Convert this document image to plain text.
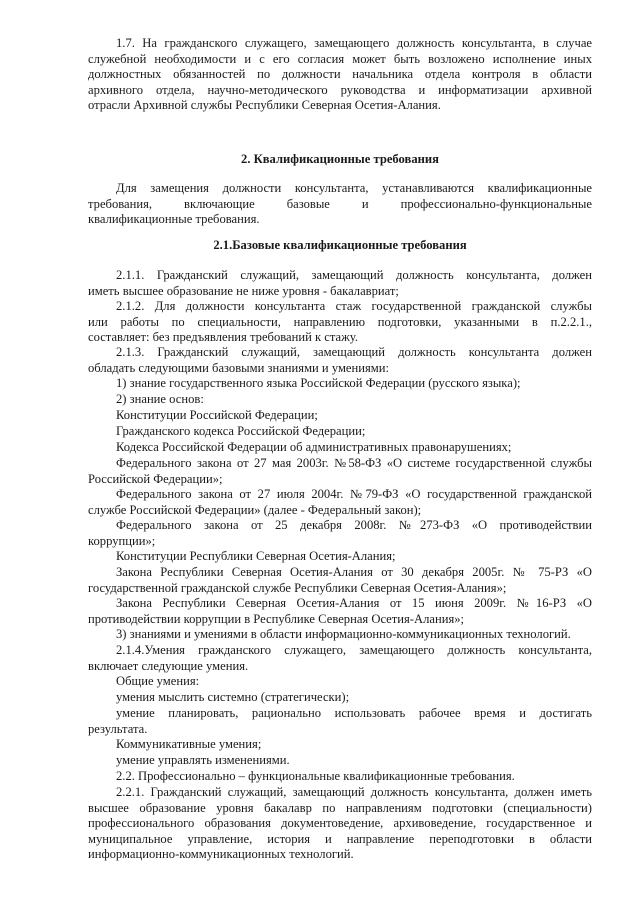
1.7. На гражданского служащего, замещающего должность консультанта, в случае
служебной необходимости и с его согласия может быть возложено исполнение иных
должностных обязанностей по должности начальника отдела контроля в области
архивного отдела, научно-методического руководства и информатизации архивной
отрасли Архивной службы Республики Северная Осетия-Алания.
2. Квалификационные требования
Для замещения должности консультанта, устанавливаются квалификационные
требования, включающие базовые и профессионально-функциональные
квалификационные требования.
2.1.Базовые квалификационные требования
2.1.1. Гражданский служащий, замещающий должность консультанта, должен
иметь высшее образование не ниже уровня - бакалавриат;
2.1.2. Для должности консультанта стаж государственной гражданской службы
или работы по специальности, направлению подготовки, указанными в п.2.2.1.,
составляет: без предъявления требований к стажу.
2.1.3. Гражданский служащий, замещающий должность консультанта должен
обладать следующими базовыми знаниями и умениями:
1) знание государственного языка Российской Федерации (русского языка);
2) знание основ:
Конституции Российской Федерации;
Гражданского кодекса Российской Федерации;
Кодекса Российской Федерации об административных правонарушениях;
Федерального закона от 27 мая 2003г. №58-ФЗ «О системе государственной службы
Российской Федерации»;
Федерального закона от 27 июля 2004г. №79-ФЗ «О государственной гражданской
службе Российской Федерации» (далее - Федеральный закон);
Федерального закона от 25 декабря 2008г. №273-ФЗ «О противодействии
коррупции»;
Конституции Республики Северная Осетия-Алания;
Закона Республики Северная Осетия-Алания от 30 декабря 2005г. № 75-РЗ «О
государственной гражданской службе Республики Северная Осетия-Алания»;
Закона Республики Северная Осетия-Алания от 15 июня 2009г. №16-РЗ «О
противодействии коррупции в Республике Северная Осетия-Алания»;
3) знаниями и умениями в области информационно-коммуникационных технологий.
2.1.4.Умения гражданского служащего, замещающего должность консультанта,
включает следующие умения.
Общие умения:
умения мыслить системно (стратегически);
умение планировать, рационально использовать рабочее время и достигать
результата.
Коммуникативные умения;
умение управлять изменениями.
2.2. Профессионально – функциональные квалификационные требования.
2.2.1. Гражданский служащий, замещающий должность консультанта, должен иметь
высшее образование уровня бакалавр по направлениям подготовки (специальности)
профессионального образования документоведение, архивоведение, государственное и
муниципальное управление, история и направление переподготовки в области
информационно-коммуникационных технологий.
